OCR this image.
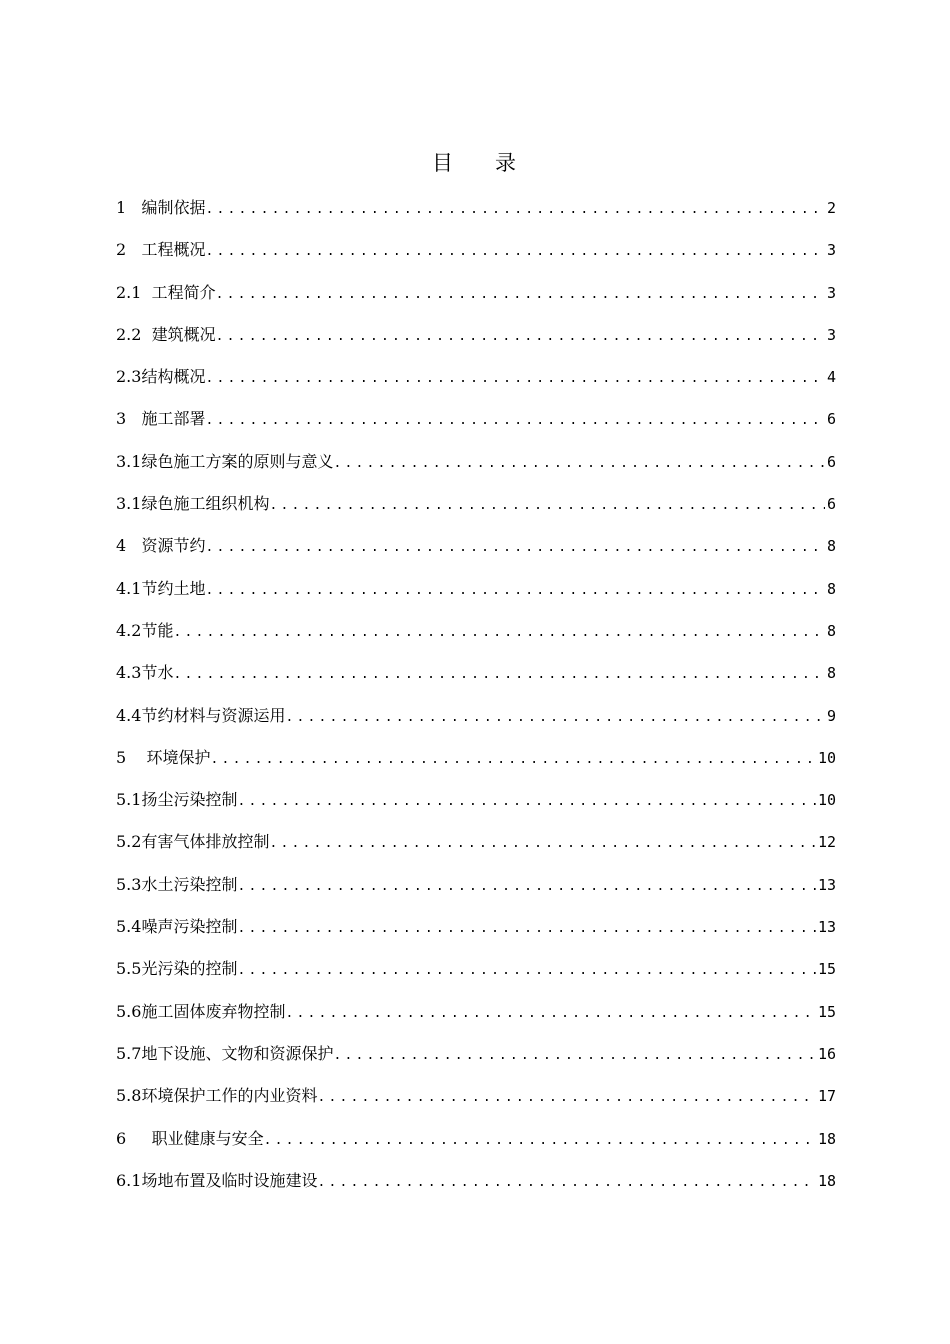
目 录
1   编制依据 .....	2
2   工程概况 .....	3
2.1  工程简介 .....	3
2.2  建筑概况 .....	3
2.3结构概况 .....	4
3   施工部署 .....	6
3.1绿色施工方案的原则与意义 .....	6
3.1绿色施工组织机构 .....	6
4   资源节约 .....	8
4.1节约土地 .....	8
4.2节能 .....	8
4.3节水 .....	8
4.4节约材料与资源运用 .....	9
5    环境保护 .....	10
5.1扬尘污染控制 .....	10
5.2有害气体排放控制 .....	12
5.3水土污染控制 .....	13
5.4噪声污染控制 .....	13
5.5光污染的控制 .....	15
5.6施工固体废弃物控制 .....	15
5.7地下设施、文物和资源保护 .....	16
5.8环境保护工作的内业资料 .....	17
6     职业健康与安全 .....	18
6.1场地布置及临时设施建设 .....	18
